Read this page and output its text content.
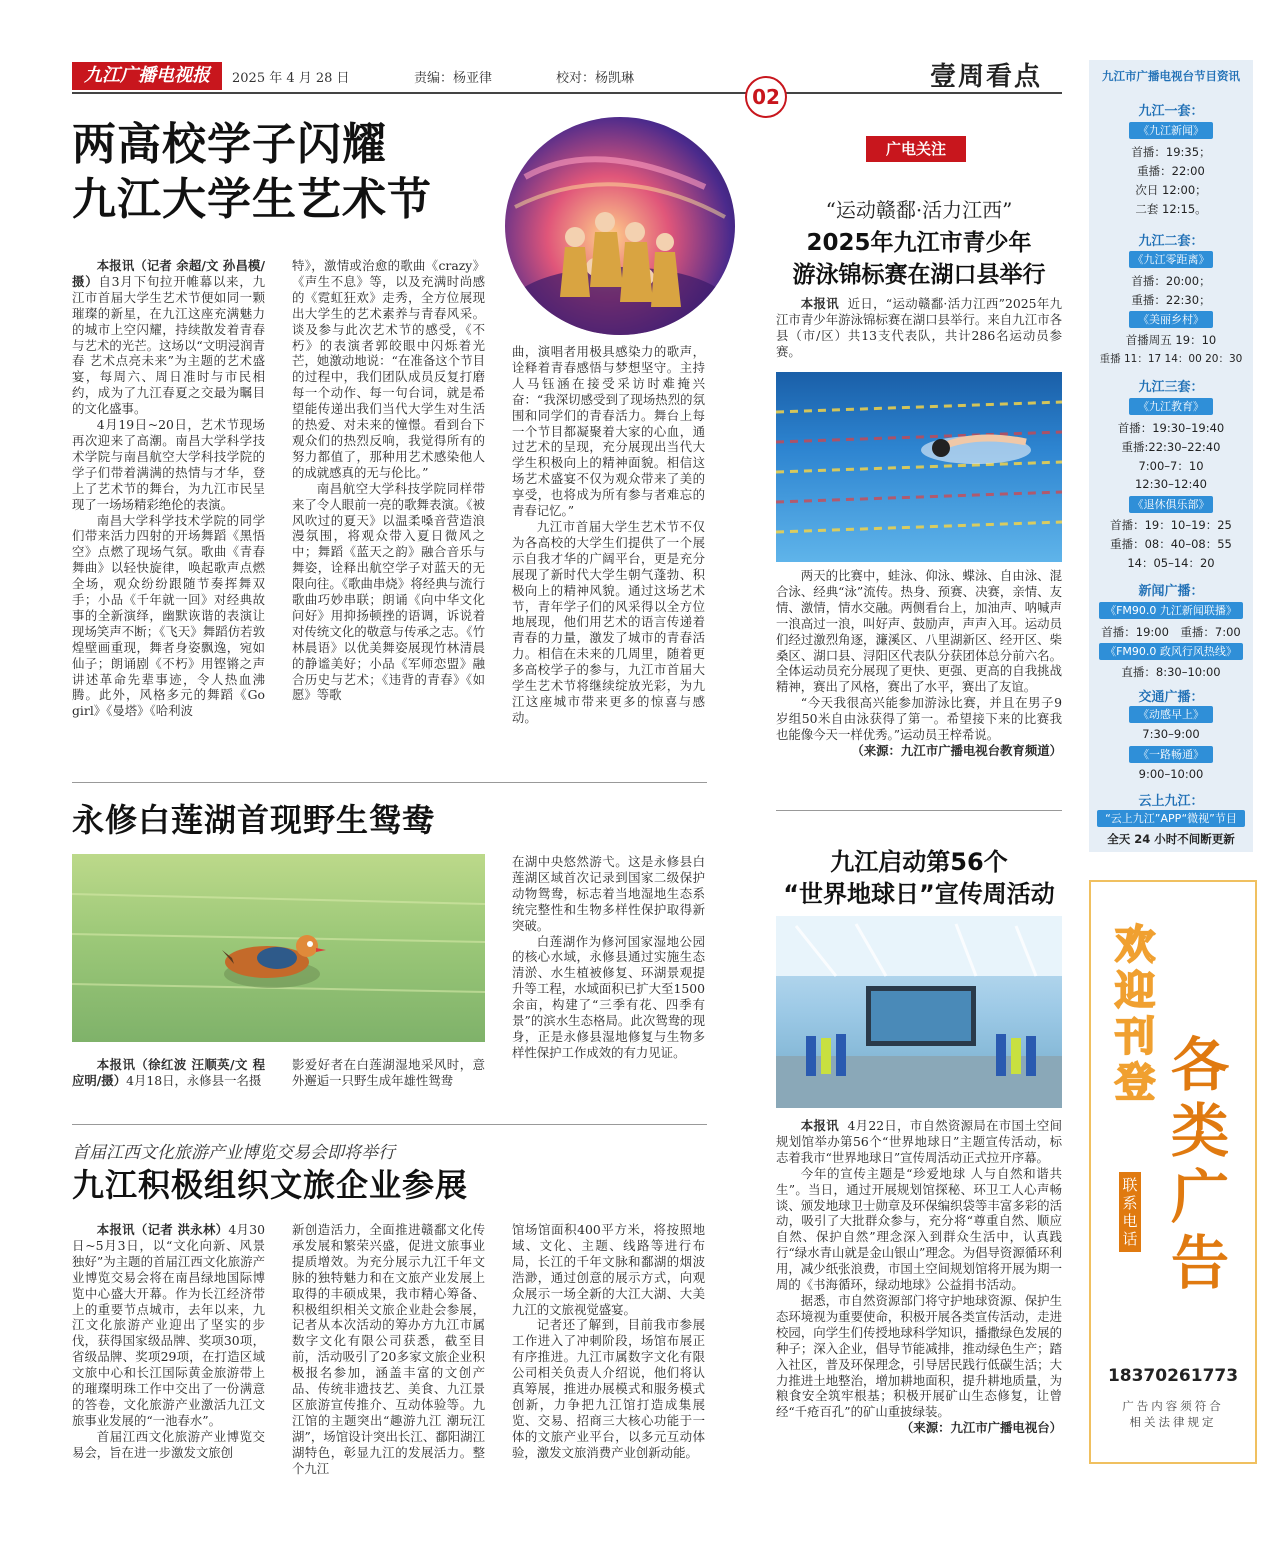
九江广播电视报	2025 年 4 月 28 日	责编：杨亚律	校对：杨凯琳	壹周看点
02
两高校学子闪耀
九江大学生艺术节

本报讯（记者 余超/文 孙昌模/摄）自3月下旬拉开帷幕以来，九江市首届大学生艺术节便如同一颗璀璨的新星，在九江这座充满魅力的城市上空闪耀，持续散发着青春与艺术的光芒。这场以“文明浸润青春 艺术点亮未来”为主题的艺术盛宴，每周六、周日准时与市民相约，成为了九江春夏之交最为瞩目的文化盛事。

4月19日~20日，艺术节现场再次迎来了高潮。南昌大学科学技术学院与南昌航空大学科技学院的学子们带着满满的热情与才华，登上了艺术节的舞台，为九江市民呈现了一场场精彩绝伦的表演。

南昌大学科学技术学院的同学们带来活力四射的开场舞蹈《黑悟空》点燃了现场气氛。歌曲《青春舞曲》以轻快旋律，唤起歌声点燃全场，观众纷纷跟随节奏挥舞双手；小品《千年就一回》对经典故事的全新演绎，幽默诙谐的表演让现场笑声不断；《飞天》舞蹈仿若敦煌壁画重现，舞者身姿飘逸，宛如仙子；朗诵剧《不朽》用铿锵之声讲述革命先辈事迹，令人热血沸腾。此外，风格多元的舞蹈《Go girl》《曼塔》《哈利波

特》，激情或治愈的歌曲《crazy》《声生不息》等，以及充满时尚感的《霓虹狂欢》走秀，全方位展现出大学生的艺术素养与青春风采。谈及参与此次艺术节的感受，《不朽》的表演者郭皎眼中闪烁着光芒，她激动地说：“在准备这个节目的过程中，我们团队成员反复打磨每一个动作、每一句台词，就是希望能传递出我们当代大学生对生活的热爱、对未来的憧憬。看到台下观众们的热烈反响，我觉得所有的努力都值了，那种用艺术感染他人的成就感真的无与伦比。”

南昌航空大学科技学院同样带来了令人眼前一亮的歌舞表演。《被风吹过的夏天》以温柔嗓音营造浪漫氛围，将观众带入夏日微风之中；舞蹈《蓝天之韵》融合音乐与舞姿，诠释出航空学子对蓝天的无限向往。《歌曲串烧》将经典与流行歌曲巧妙串联；朗诵《向中华文化问好》用抑扬顿挫的语调，诉说着对传统文化的敬意与传承之志。《竹林晨语》以优美舞姿展现竹林清晨的静谧美好；小品《军师恋盟》融合历史与艺术；《违背的青春》《如愿》等歌

曲，演唱者用极具感染力的歌声，诠释着青春感悟与梦想坚守。主持人马钰涵在接受采访时难掩兴奋：“我深切感受到了现场热烈的氛围和同学们的青春活力。舞台上每一个节目都凝聚着大家的心血，通过艺术的呈现，充分展现出当代大学生积极向上的精神面貌。相信这场艺术盛宴不仅为观众带来了美的享受，也将成为所有参与者难忘的青春记忆。”

九江市首届大学生艺术节不仅为各高校的大学生们提供了一个展示自我才华的广阔平台，更是充分展现了新时代大学生朝气蓬勃、积极向上的精神风貌。通过这场艺术节，青年学子们的风采得以全方位地展现，他们用艺术的语言传递着青春的力量，激发了城市的青春活力。相信在未来的几周里，随着更多高校学子的参与，九江市首届大学生艺术节将继续绽放光彩，为九江这座城市带来更多的惊喜与感动。

广电关注
“运动赣鄱·活力江西”
2025年九江市青少年
游泳锦标赛在湖口县举行

本报讯 近日，“运动赣鄱·活力江西”2025年九江市青少年游泳锦标赛在湖口县举行。来自九江市各县（市/区）共13支代表队，共计286名运动员参赛。

两天的比赛中，蛙泳、仰泳、蝶泳、自由泳、混合泳、经典“泳”流传。热身、预赛、决赛，亲情、友情、激情，情水交融。两侧看台上，加油声、呐喊声一浪高过一浪，叫好声、鼓励声，声声入耳。运动员们经过激烈角逐，濂溪区、八里湖新区、经开区、柴桑区、湖口县、浔阳区代表队分获团体总分前六名。全体运动员充分展现了更快、更强、更高的自我挑战精神，赛出了风格，赛出了水平，赛出了友谊。

“今天我很高兴能参加游泳比赛，并且在男子9岁组50米自由泳获得了第一。希望接下来的比赛我也能像今天一样优秀。”运动员王梓希说。

（来源：九江市广播电视台教育频道）

永修白莲湖首现野生鸳鸯

本报讯（徐红波 汪顺英/文 程应明/摄）4月18日，永修县一名摄

影爱好者在白莲湖湿地采风时，意外邂逅一只野生成年雄性鸳鸯

在湖中央悠然游弋。这是永修县白莲湖区域首次记录到国家二级保护动物鸳鸯，标志着当地湿地生态系统完整性和生物多样性保护取得新突破。

白莲湖作为修河国家湿地公园的核心水域，永修县通过实施生态清淤、水生植被修复、环湖景观提升等工程，水域面积已扩大至1500余亩，构建了“三季有花、四季有景”的滨水生态格局。此次鸳鸯的现身，正是永修县湿地修复与生物多样性保护工作成效的有力见证。

首届江西文化旅游产业博览交易会即将举行
九江积极组织文旅企业参展

本报讯（记者 洪永林）4月30日~5月3日，以“文化向新、风景独好”为主题的首届江西文化旅游产业博览交易会将在南昌绿地国际博览中心盛大开幕。作为长江经济带上的重要节点城市，去年以来，九江文化旅游产业迎出了坚实的步伐，获得国家级品牌、奖项30项，省级品牌、奖项29项，在打造区域文旅中心和长江国际黄金旅游带上的璀璨明珠工作中交出了一份满意的答卷，文化旅游产业激活九江文旅事业发展的“一池春水”。

首届江西文化旅游产业博览交易会，旨在进一步激发文旅创

新创造活力，全面推进赣鄱文化传承发展和繁荣兴盛，促进文旅事业提质增效。为充分展示九江千年文脉的独特魅力和在文旅产业发展上取得的丰硕成果，我市精心筹备、积极组织相关文旅企业赴会参展，记者从本次活动的筹办方九江市属数字文化有限公司获悉，截至目前，活动吸引了20多家文旅企业积极报名参加，涵盖丰富的文创产品、传统非遗技艺、美食、九江景区旅游宣传推介、互动体验等。九江馆的主题突出“趣游九江 潮玩江湖”，场馆设计突出长江、鄱阳湖江湖特色，彰显九江的发展活力。整个九江

馆场馆面积400平方米，将按照地域、文化、主题、线路等进行布局，长江的千年文脉和鄱湖的烟波浩渺，通过创意的展示方式，向观众展示一场全新的大江大湖、大美九江的文旅视觉盛宴。

记者还了解到，目前我市参展工作进入了冲刺阶段，场馆布展正有序推进。九江市属数字文化有限公司相关负责人介绍说，他们将认真筹展，推进办展模式和服务模式创新，力争把九江馆打造成集展览、交易、招商三大核心功能于一体的文旅产业平台，以多元互动体验，激发文旅消费产业创新动能。

九江启动第56个
“世界地球日”宣传周活动

本报讯 4月22日，市自然资源局在市国土空间规划馆举办第56个“世界地球日”主题宣传活动，标志着我市“世界地球日”宣传周活动正式拉开序幕。

今年的宣传主题是“珍爱地球 人与自然和谐共生”。当日，通过开展规划馆探秘、环卫工人心声畅谈、颁发地球卫士勋章及环保编织袋等丰富多彩的活动，吸引了大批群众参与，充分将“尊重自然、顺应自然、保护自然”理念深入到群众生活中，认真践行“绿水青山就是金山银山”理念。为倡导资源循环利用，减少纸张浪费，市国土空间规划馆将开展为期一周的《书海循环，绿动地球》公益捐书活动。

据悉，市自然资源部门将守护地球资源、保护生态环境视为重要使命，积极开展各类宣传活动，走进校园，向学生们传授地球科学知识，播撒绿色发展的种子；深入企业，倡导节能减排，推动绿色生产；踏入社区，普及环保理念，引导居民践行低碳生活；大力推进土地整治，增加耕地面积，提升耕地质量，为粮食安全筑牢根基；积极开展矿山生态修复，让曾经“千疮百孔”的矿山重披绿装。

（来源：九江市广播电视台）

九江市广播电视台节目资讯
九江一套：
《九江新闻》
首播：19:35；
重播：22:00
次日 12:00；
二套 12:15。
九江二套：
《九江零距离》
首播：20:00；
重播：22:30；
《美丽乡村》
首播周五 19：10
重播 11：17 14：00 20：30
九江三套：
《九江教育》
首播：19:30–19:40
重播:22:30–22:40
7:00–7：10
12:30–12:40
《退休俱乐部》
首播：19：10–19：25
重播：08：40–08：55
14：05–14：20
新闻广播：
《FM90.0 九江新闻联播》
首播：19:00　重播：7:00
《FM90.0 政风行风热线》
直播：8:30–10:00
交通广播：
《动感早上》
7:30–9:00
《一路畅通》
9:00–10:00
云上九江：
“云上九江”APP“微视”节目
全天 24 小时不间断更新
欢迎刊登 各类广告
联系电话
18370261773
广告内容须符合相关法律规定
